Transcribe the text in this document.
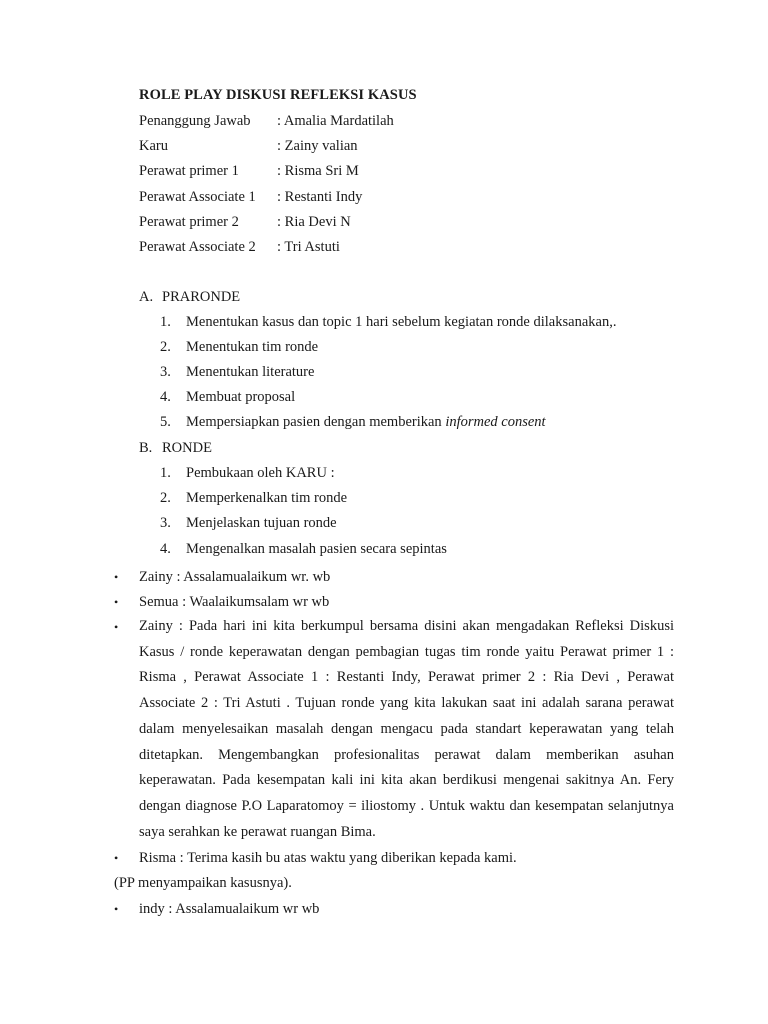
ROLE PLAY DISKUSI REFLEKSI KASUS
Penanggung Jawab : Amalia Mardatilah
Karu	: Zainy valian
Perawat primer 1	: Risma Sri M
Perawat Associate 1 : Restanti Indy
Perawat primer 2	: Ria Devi N
Perawat Associate 2 : Tri Astuti
A. PRARONDE
1. Menentukan kasus dan topic 1 hari sebelum kegiatan ronde dilaksanakan,.
2. Menentukan tim ronde
3. Menentukan literature
4. Membuat proposal
5. Mempersiapkan pasien dengan memberikan informed consent
B. RONDE
1. Pembukaan oleh KARU :
2. Memperkenalkan tim ronde
3. Menjelaskan tujuan ronde
4. Mengenalkan masalah pasien secara sepintas
•	Zainy : Assalamualaikum wr. wb
•	Semua : Waalaikumsalam wr wb
•	Zainy : Pada hari ini kita berkumpul bersama disini akan mengadakan Refleksi Diskusi Kasus / ronde keperawatan dengan pembagian tugas tim ronde yaitu Perawat primer 1 : Risma , Perawat Associate 1 : Restanti Indy, Perawat primer 2 : Ria Devi , Perawat Associate 2 : Tri Astuti . Tujuan ronde yang kita lakukan saat ini adalah sarana perawat dalam menyelesaikan masalah dengan mengacu pada standart keperawatan yang telah ditetapkan. Mengembangkan profesionalitas perawat dalam memberikan asuhan keperawatan. Pada kesempatan kali ini kita akan berdikusi mengenai sakitnya An. Fery dengan diagnose P.O Laparatomoy = iliostomy . Untuk waktu dan kesempatan selanjutnya saya serahkan ke perawat ruangan Bima.
•	Risma : Terima kasih bu atas waktu yang diberikan kepada kami.
(PP menyampaikan kasusnya).
•	indy : Assalamualaikum wr wb
